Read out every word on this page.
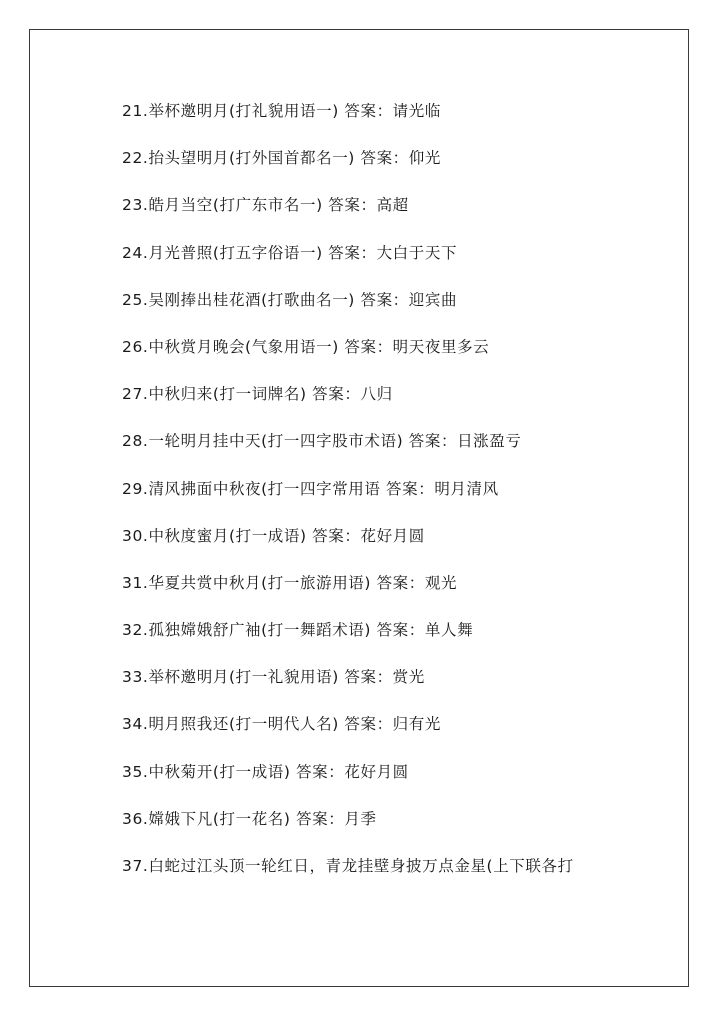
21.举杯邀明月(打礼貌用语一) 答案：请光临
22.抬头望明月(打外国首都名一) 答案：仰光
23.皓月当空(打广东市名一) 答案：高超
24.月光普照(打五字俗语一) 答案：大白于天下
25.吴刚捧出桂花酒(打歌曲名一) 答案：迎宾曲
26.中秋赏月晚会(气象用语一) 答案：明天夜里多云
27.中秋归来(打一词牌名) 答案：八归
28.一轮明月挂中天(打一四字股市术语) 答案：日涨盈亏
29.清风拂面中秋夜(打一四字常用语 答案：明月清风
30.中秋度蜜月(打一成语) 答案：花好月圆
31.华夏共赏中秋月(打一旅游用语) 答案：观光
32.孤独嫦娥舒广袖(打一舞蹈术语) 答案：单人舞
33.举杯邀明月(打一礼貌用语) 答案：赏光
34.明月照我还(打一明代人名) 答案：归有光
35.中秋菊开(打一成语) 答案：花好月圆
36.嫦娥下凡(打一花名) 答案：月季
37.白蛇过江头顶一轮红日，青龙挂壁身披万点金星(上下联各打
